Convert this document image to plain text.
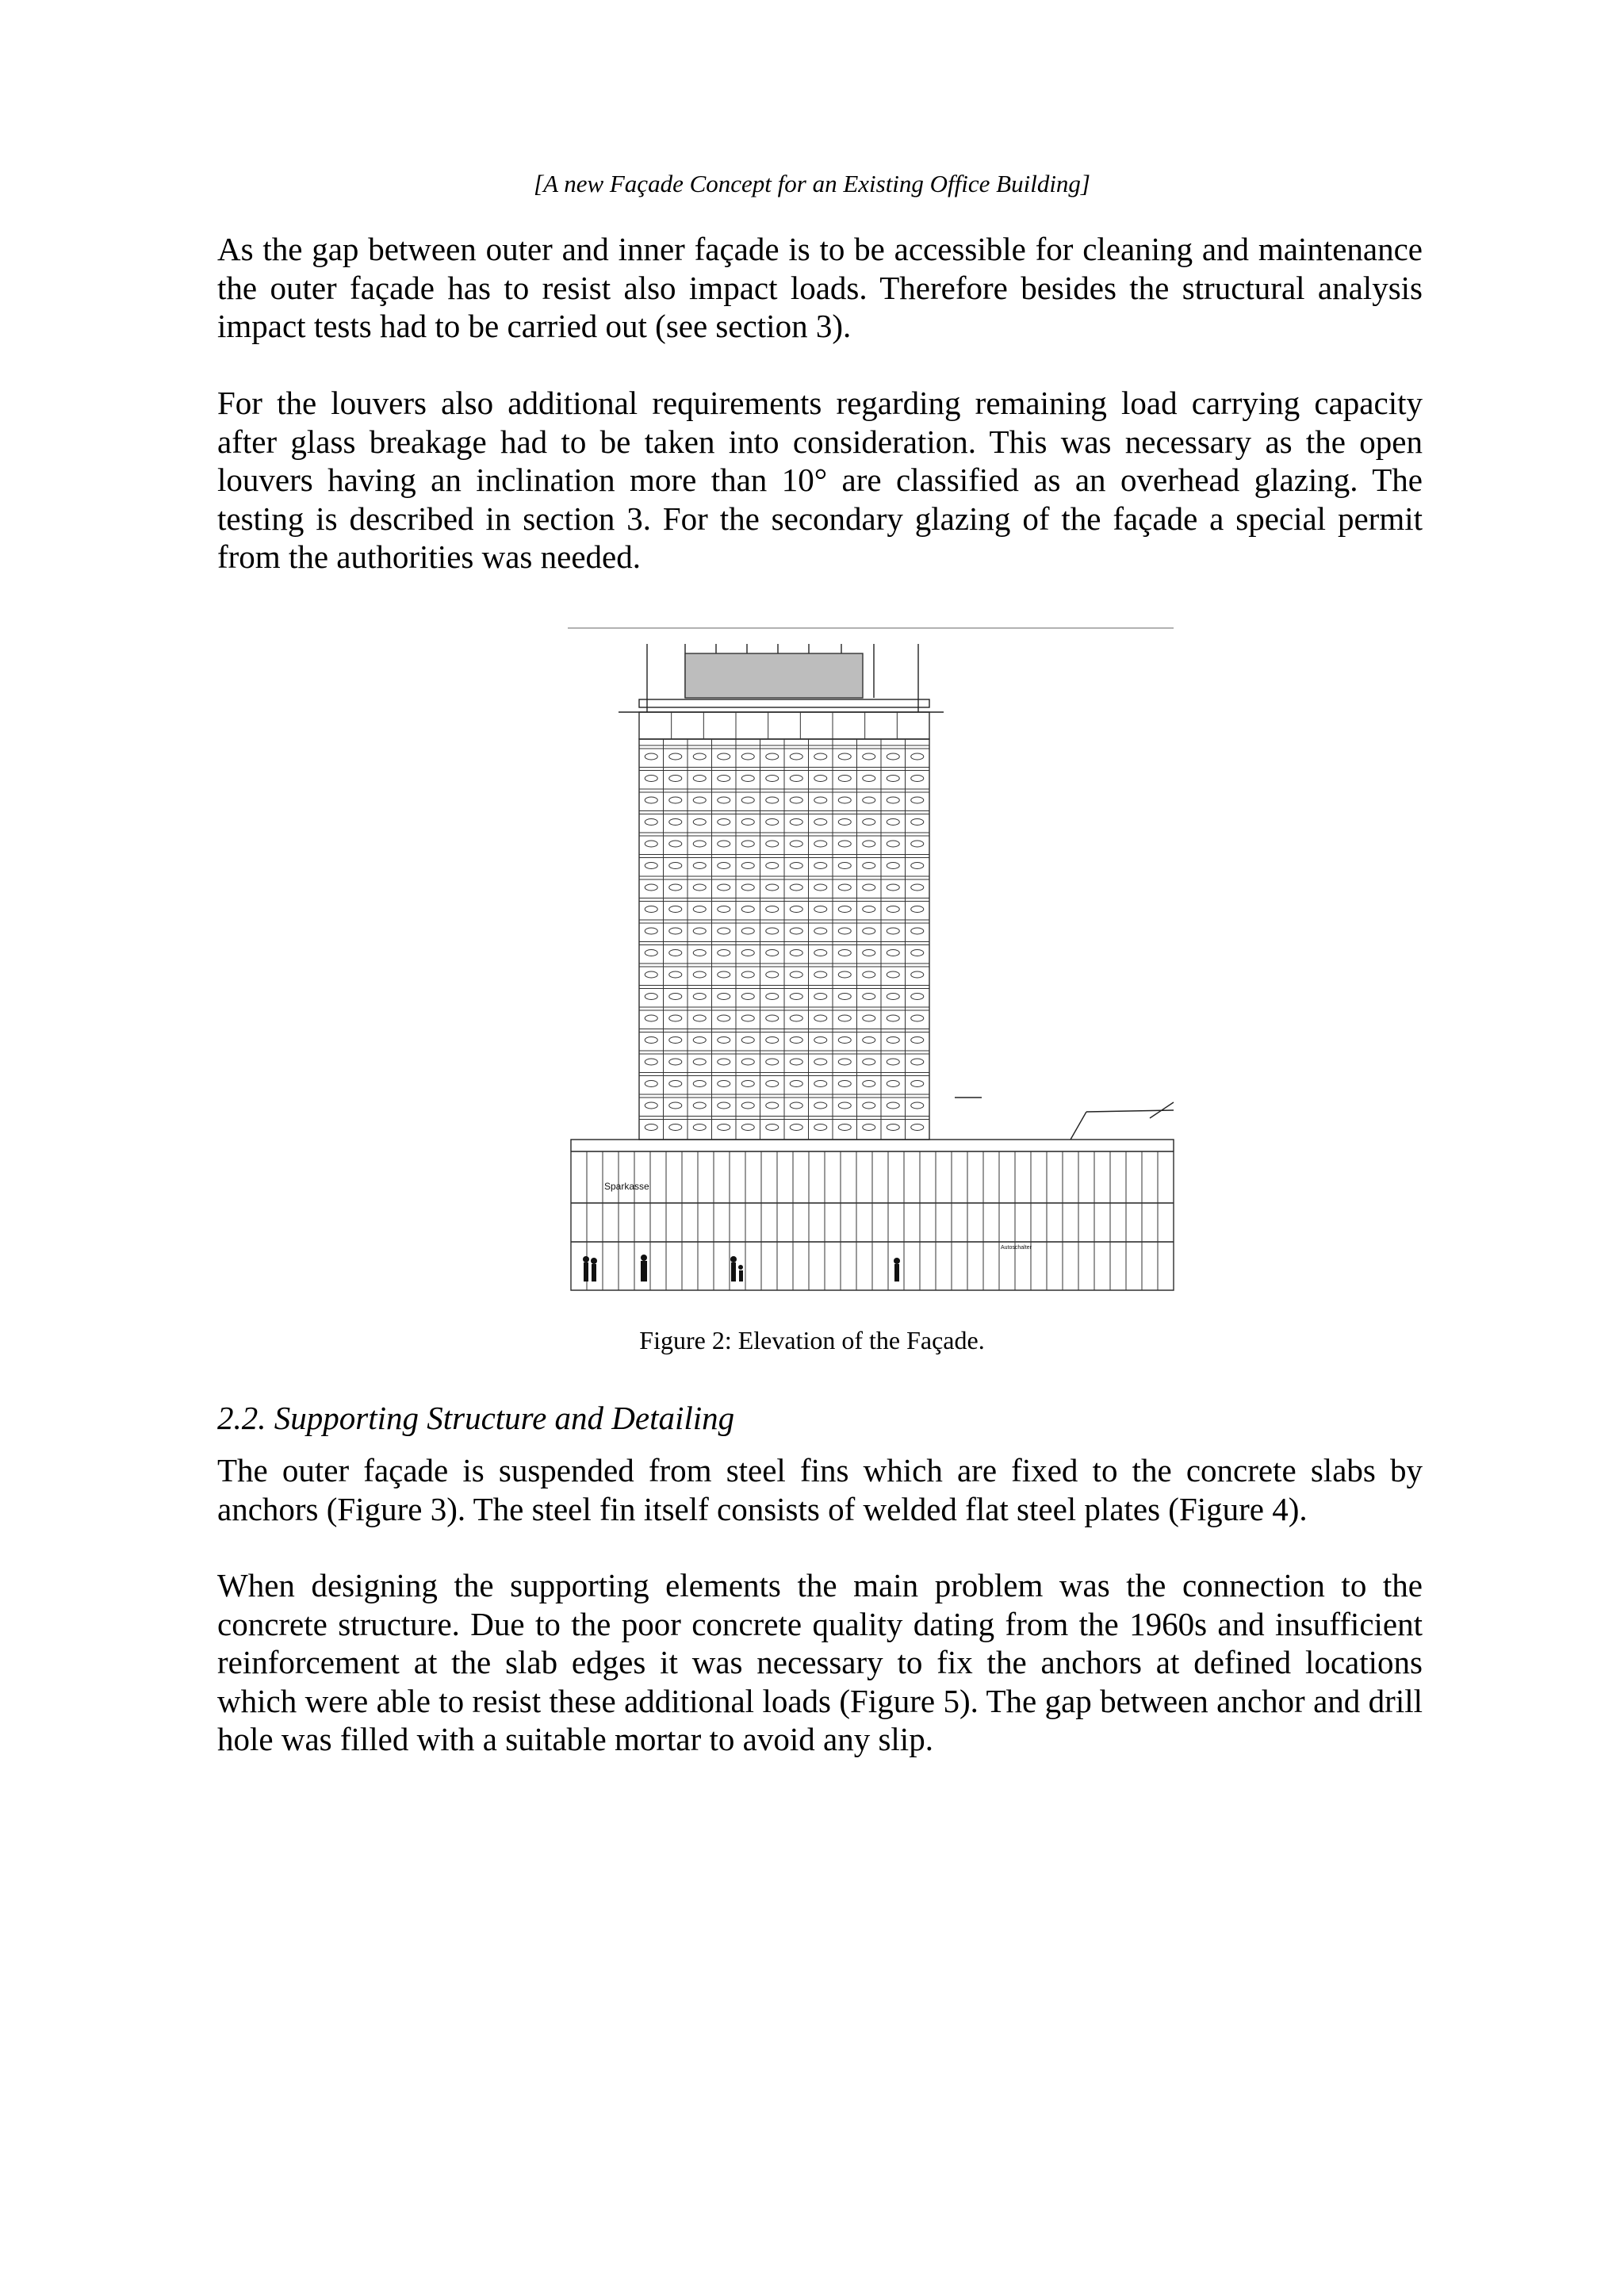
[A new Façade Concept for an Existing Office Building]

As the gap between outer and inner façade is to be accessible for cleaning and maintenance the outer façade has to resist also impact loads. Therefore besides the structural analysis impact tests had to be carried out (see section 3).

For the louvers also additional requirements regarding remaining load carrying capacity after glass breakage had to be taken into consideration. This was necessary as the open louvers having an inclination more than 10° are classified as an overhead glazing. The testing is described in section 3. For the secondary glazing of the façade a special permit from the authorities was needed.

Sparkasse
Autoschalter
Figure 2: Elevation of the Façade.
2.2. Supporting Structure and Detailing

The outer façade is suspended from steel fins which are fixed to the concrete slabs by anchors (Figure 3). The steel fin itself consists of welded flat steel plates (Figure 4).

When designing the supporting elements the main problem was the connection to the concrete structure. Due to the poor concrete quality dating from the 1960s and insufficient reinforcement at the slab edges it was necessary to fix the anchors at defined locations which were able to resist these additional loads (Figure 5). The gap between anchor and drill hole was filled with a suitable mortar to avoid any slip.
